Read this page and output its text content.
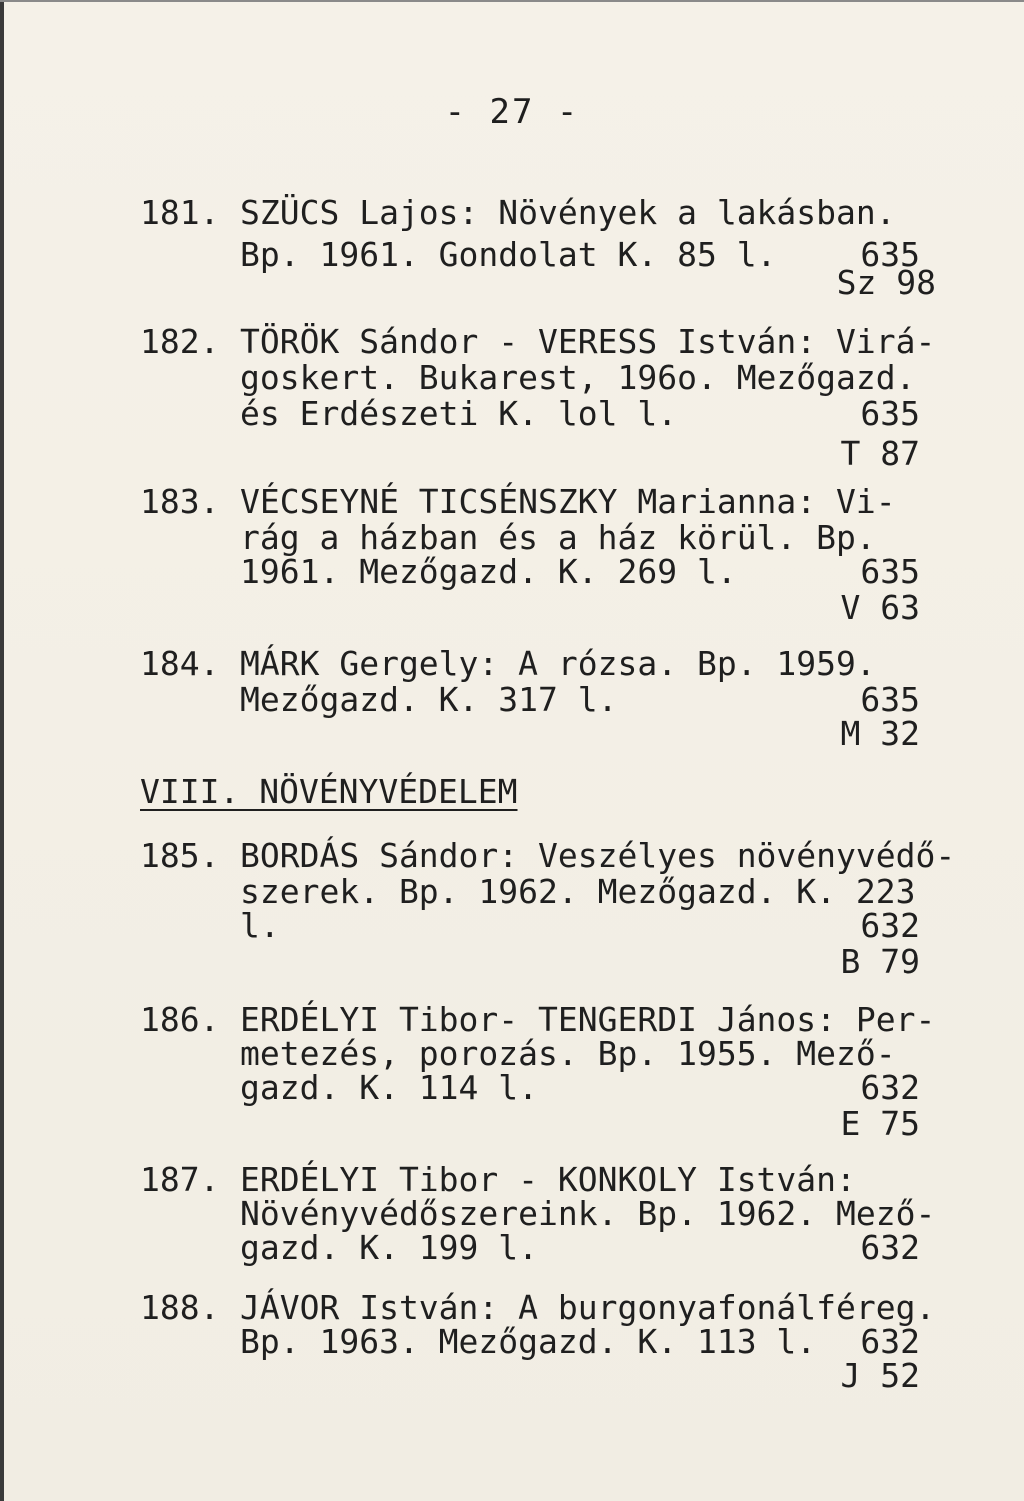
- 27 -
181. SZÜCS Lajos: Növények a lakásban.
Bp. 1961. Gondolat K. 85 l.	635
Sz 98
182. TÖRÖK Sándor - VERESS István: Virá-
goskert. Bukarest, 196o. Mezőgazd.
és Erdészeti K. lol l.	635
T 87
183. VÉCSEYNÉ TICSÉNSZKY Marianna: Vi-
rág a házban és a ház körül. Bp.
1961. Mezőgazd. K. 269 l.	635
V 63
184. MÁRK Gergely: A rózsa. Bp. 1959.
Mezőgazd. K. 317 l.	635
M 32
VIII. NÖVÉNYVÉDELEM
185. BORDÁS Sándor: Veszélyes növényvédő-
szerek. Bp. 1962. Mezőgazd. K. 223
l.	632
B 79
186. ERDÉLYI Tibor- TENGERDI János: Per-
metezés, porozás. Bp. 1955. Mező-
gazd. K. 114 l.	632
E 75
187. ERDÉLYI Tibor - KONKOLY István:
Növényvédőszereink. Bp. 1962. Mező-
gazd. K. 199 l.	632
188. JÁVOR István: A burgonyafonálféreg.
Bp. 1963. Mezőgazd. K. 113 l.	632
J 52
